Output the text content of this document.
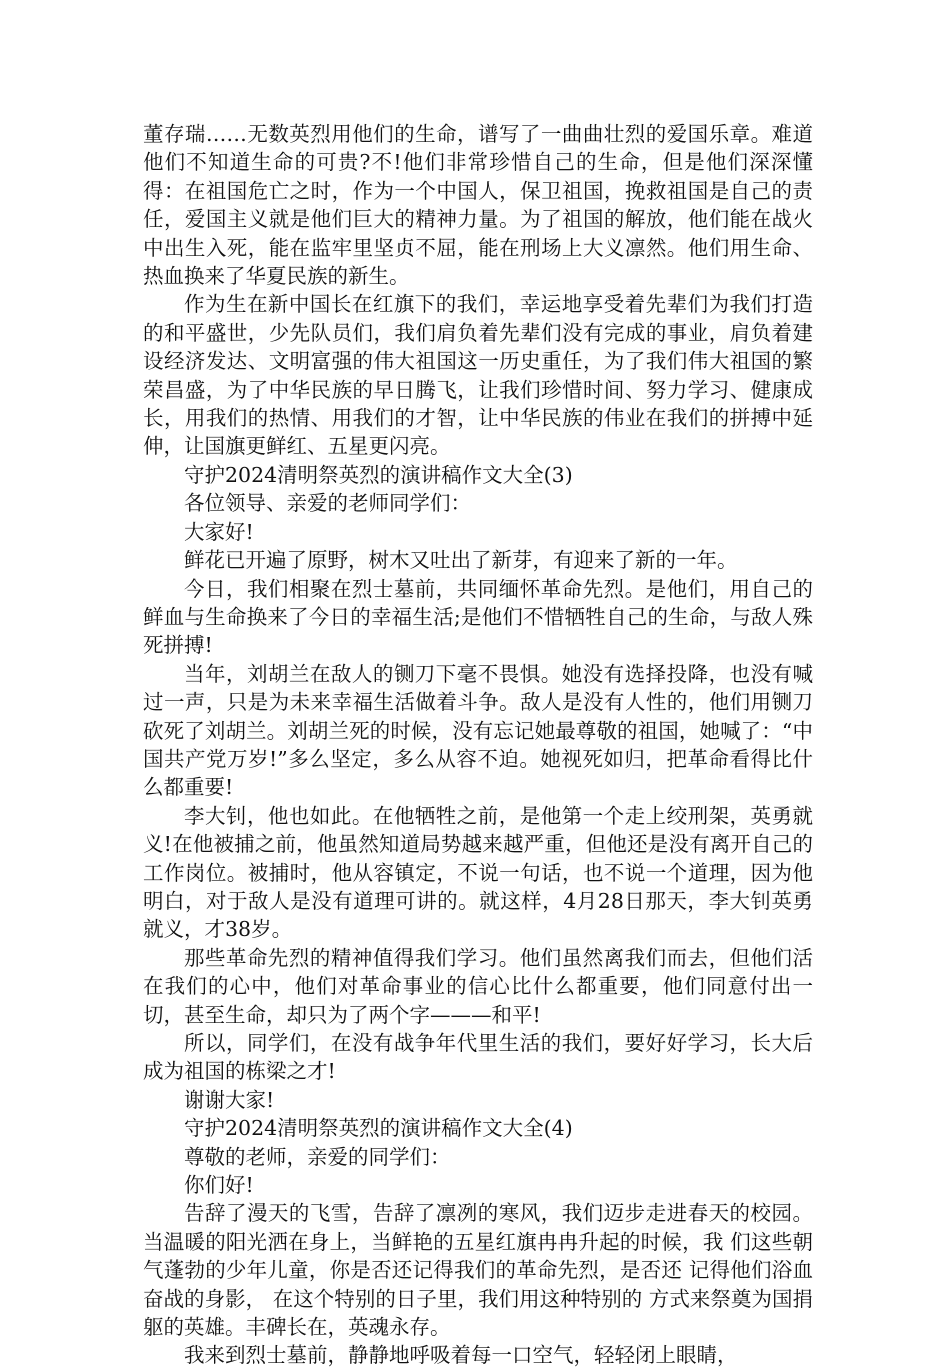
董存瑞……无数英烈用他们的生命，谱写了一曲曲壮烈的爱国乐章。难道他们不知道生命的可贵?不!他们非常珍惜自己的生命，但是他们深深懂得：在祖国危亡之时，作为一个中国人，保卫祖国，挽救祖国是自己的责任，爱国主义就是他们巨大的精神力量。为了祖国的解放，他们能在战火中出生入死，能在监牢里坚贞不屈，能在刑场上大义凛然。他们用生命、热血换来了华夏民族的新生。

作为生在新中国长在红旗下的我们，幸运地享受着先辈们为我们打造的和平盛世，少先队员们，我们肩负着先辈们没有完成的事业，肩负着建设经济发达、文明富强的伟大祖国这一历史重任，为了我们伟大祖国的繁荣昌盛，为了中华民族的早日腾飞，让我们珍惜时间、努力学习、健康成长，用我们的热情、用我们的才智，让中华民族的伟业在我们的拼搏中延伸，让国旗更鲜红、五星更闪亮。

守护2024清明祭英烈的演讲稿作文大全(3)

各位领导、亲爱的老师同学们：

大家好!

鲜花已开遍了原野，树木又吐出了新芽，有迎来了新的一年。

今日，我们相聚在烈士墓前，共同缅怀革命先烈。是他们，用自己的鲜血与生命换来了今日的幸福生活;是他们不惜牺牲自己的生命，与敌人殊死拼搏!

当年，刘胡兰在敌人的铡刀下毫不畏惧。她没有选择投降，也没有喊过一声，只是为未来幸福生活做着斗争。敌人是没有人性的，他们用铡刀砍死了刘胡兰。刘胡兰死的时候，没有忘记她最尊敬的祖国，她喊了：“中国共产党万岁!”多么坚定，多么从容不迫。她视死如归，把革命看得比什么都重要!

李大钊，他也如此。在他牺牲之前，是他第一个走上绞刑架，英勇就义!在他被捕之前，他虽然知道局势越来越严重，但他还是没有离开自己的工作岗位。被捕时，他从容镇定，不说一句话，也不说一个道理，因为他明白，对于敌人是没有道理可讲的。就这样，4月28日那天，李大钊英勇就义，才38岁。

那些革命先烈的精神值得我们学习。他们虽然离我们而去，但他们活在我们的心中，他们对革命事业的信心比什么都重要，他们同意付出一切，甚至生命，却只为了两个字———和平!

所以，同学们，在没有战争年代里生活的我们，要好好学习，长大后成为祖国的栋梁之才!

谢谢大家!

守护2024清明祭英烈的演讲稿作文大全(4)

尊敬的老师，亲爱的同学们：

你们好!

告辞了漫天的飞雪，告辞了凛冽的寒风，我们迈步走进春天的校园。当温暖的阳光洒在身上，当鲜艳的五星红旗冉冉升起的时候，我 们这些朝气蓬勃的少年儿童，你是否还记得我们的革命先烈，是否还 记得他们浴血奋战的身影， 在这个特别的日子里，我们用这种特别的 方式来祭奠为国捐躯的英雄。丰碑长在，英魂永存。

我来到烈士墓前，静静地呼吸着每一口空气，轻轻闭上眼睛，
